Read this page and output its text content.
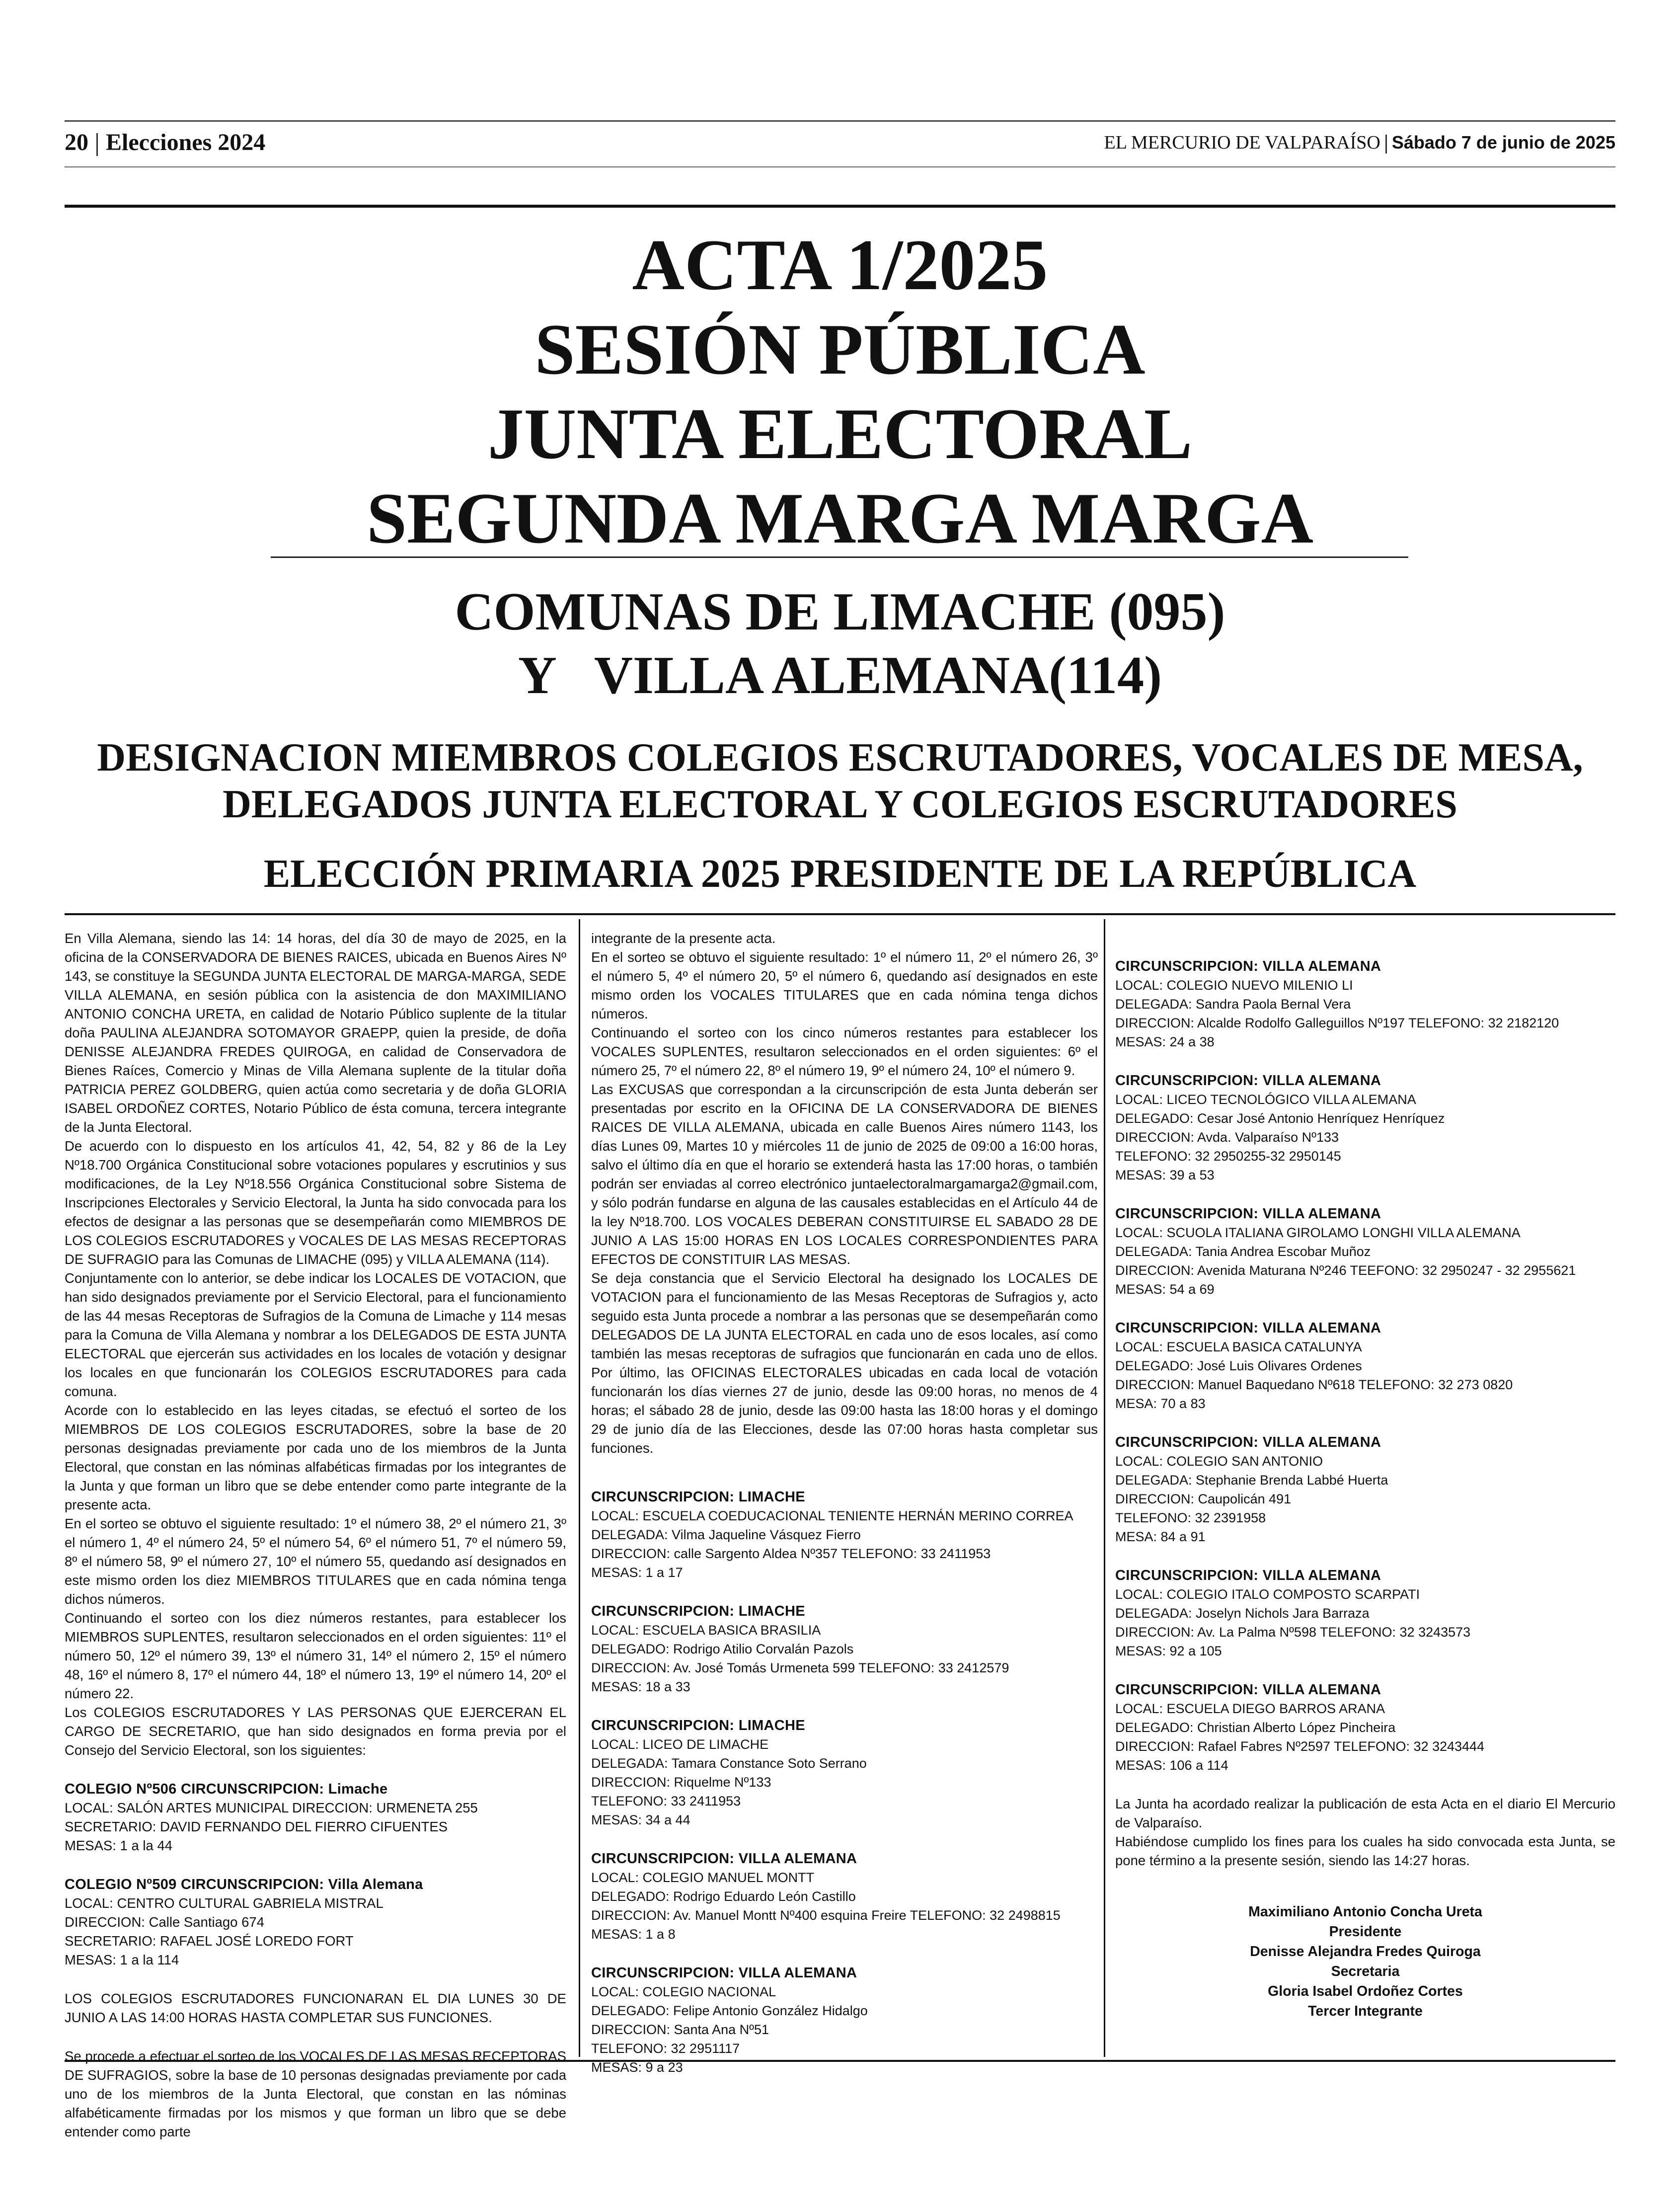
20 Elecciones 2024	EL MERCURIO DE VALPARAÍSO Sábado 7 de junio de 2025
ACTA 1/2025
SESIÓN PÚBLICA
JUNTA ELECTORAL
SEGUNDA MARGA MARGA
COMUNAS DE LIMACHE (095)
Y   VILLA ALEMANA(114)
DESIGNACION MIEMBROS COLEGIOS ESCRUTADORES, VOCALES DE MESA,
DELEGADOS JUNTA ELECTORAL Y COLEGIOS ESCRUTADORES
ELECCIÓN PRIMARIA 2025 PRESIDENTE DE LA REPÚBLICA

En Villa Alemana, siendo las 14: 14 horas, del día 30 de mayo de 2025, en la oficina de la CONSERVADORA DE BIENES RAICES, ubicada en Buenos Aires Nº 143, se constituye la SEGUNDA JUNTA ELECTORAL DE MARGA-MARGA, SEDE VILLA ALEMANA, en sesión pública con la asistencia de don MAXIMILIANO ANTONIO CONCHA URETA, en calidad de Notario Público suplente de la titular doña PAULINA ALEJANDRA SOTOMAYOR GRAEPP, quien la preside, de doña DENISSE ALEJANDRA FREDES QUIROGA, en calidad de Conservadora de Bienes Raíces, Comercio y Minas de Villa Alemana suplente de la titular doña PATRICIA PEREZ GOLDBERG, quien actúa como secretaria y de doña GLORIA ISABEL ORDOÑEZ CORTES, Notario Público de ésta comuna, tercera integrante de la Junta Electoral.

De acuerdo con lo dispuesto en los artículos 41, 42, 54, 82 y 86 de la Ley Nº18.700 Orgánica Constitucional sobre votaciones populares y escrutinios y sus modificaciones, de la Ley Nº18.556 Orgánica Constitucional sobre Sistema de Inscripciones Electorales y Servicio Electoral, la Junta ha sido convocada para los efectos de designar a las personas que se desempeñarán como MIEMBROS DE LOS COLEGIOS ESCRUTADORES y VOCALES DE LAS MESAS RECEPTORAS DE SUFRAGIO para las Comunas de LIMACHE (095) y VILLA ALEMANA (114).

Conjuntamente con lo anterior, se debe indicar los LOCALES DE VOTACION, que han sido designados previamente por el Servicio Electoral, para el funcionamiento de las 44 mesas Receptoras de Sufragios de la Comuna de Limache y 114 mesas para la Comuna de Villa Alemana y nombrar a los DELEGADOS DE ESTA JUNTA ELECTORAL que ejercerán sus actividades en los locales de votación y designar los locales en que funcionarán los COLEGIOS ESCRUTADORES para cada comuna.

Acorde con lo establecido en las leyes citadas, se efectuó el sorteo de los MIEMBROS DE LOS COLEGIOS ESCRUTADORES, sobre la base de 20 personas designadas previamente por cada uno de los miembros de la Junta Electoral, que constan en las nóminas alfabéticas firmadas por los integrantes de la Junta y que forman un libro que se debe entender como parte integrante de la presente acta.

En el sorteo se obtuvo el siguiente resultado: 1º el número 38, 2º el número 21, 3º el número 1, 4º el número 24, 5º el número 54, 6º el número 51, 7º el número 59, 8º el número 58, 9º el número 27, 10º el número 55, quedando así designados en este mismo orden los diez MIEMBROS TITULARES que en cada nómina tenga dichos números.

Continuando el sorteo con los diez números restantes, para establecer los MIEMBROS SUPLENTES, resultaron seleccionados en el orden siguientes: 11º el número 50, 12º el número 39, 13º el número 31, 14º el número 2, 15º el número 48, 16º el número 8, 17º el número 44, 18º el número 13, 19º el número 14, 20º el número 22.

Los COLEGIOS ESCRUTADORES Y LAS PERSONAS QUE EJERCERAN EL CARGO DE SECRETARIO, que han sido designados en forma previa por el Consejo del Servicio Electoral, son los siguientes:

COLEGIO Nº506 CIRCUNSCRIPCION: Limache
LOCAL: SALÓN ARTES MUNICIPAL DIRECCION: URMENETA 255
SECRETARIO: DAVID FERNANDO DEL FIERRO CIFUENTES
MESAS: 1 a la 44
COLEGIO Nº509 CIRCUNSCRIPCION: Villa Alemana
LOCAL: CENTRO CULTURAL GABRIELA MISTRAL
DIRECCION: Calle Santiago 674
SECRETARIO: RAFAEL JOSÉ LOREDO FORT
MESAS: 1 a la 114

LOS COLEGIOS ESCRUTADORES FUNCIONARAN EL DIA LUNES 30 DE JUNIO A LAS 14:00 HORAS HASTA COMPLETAR SUS FUNCIONES.

Se procede a efectuar el sorteo de los VOCALES DE LAS MESAS RECEPTORAS DE SUFRAGIOS, sobre la base de 10 personas designadas previamente por cada uno de los miembros de la Junta Electoral, que constan en las nóminas alfabéticamente firmadas por los mismos y que forman un libro que se debe entender como parte

integrante de la presente acta.

En el sorteo se obtuvo el siguiente resultado: 1º el número 11, 2º el número 26, 3º el número 5, 4º el número 20, 5º el número 6, quedando así designados en este mismo orden los VOCALES TITULARES que en cada nómina tenga dichos números.

Continuando el sorteo con los cinco números restantes para establecer los VOCALES SUPLENTES, resultaron seleccionados en el orden siguientes: 6º el número 25, 7º el número 22, 8º el número 19, 9º el número 24, 10º el número 9.

Las EXCUSAS que correspondan a la circunscripción de esta Junta deberán ser presentadas por escrito en la OFICINA DE LA CONSERVADORA DE BIENES RAICES DE VILLA ALEMANA, ubicada en calle Buenos Aires número 1143, los días Lunes 09, Martes 10 y miércoles 11 de junio de 2025 de 09:00 a 16:00 horas, salvo el último día en que el horario se extenderá hasta las 17:00 horas, o también podrán ser enviadas al correo electrónico juntaelectoralmargamarga2@gmail.com, y sólo podrán fundarse en alguna de las causales establecidas en el Artículo 44 de la ley Nº18.700. LOS VOCALES DEBERAN CONSTITUIRSE EL SABADO 28 DE JUNIO A LAS 15:00 HORAS EN LOS LOCALES CORRESPONDIENTES PARA EFECTOS DE CONSTITUIR LAS MESAS.

Se deja constancia que el Servicio Electoral ha designado los LOCALES DE VOTACION para el funcionamiento de las Mesas Receptoras de Sufragios y, acto seguido esta Junta procede a nombrar a las personas que se desempeñarán como DELEGADOS DE LA JUNTA ELECTORAL en cada uno de esos locales, así como también las mesas receptoras de sufragios que funcionarán en cada uno de ellos. Por último, las OFICINAS ELECTORALES ubicadas en cada local de votación funcionarán los días viernes 27 de junio, desde las 09:00 horas, no menos de 4 horas; el sábado 28 de junio, desde las 09:00 hasta las 18:00 horas y el domingo 29 de junio día de las Elecciones, desde las 07:00 horas hasta completar sus funciones.

CIRCUNSCRIPCION: LIMACHE
LOCAL: ESCUELA COEDUCACIONAL TENIENTE HERNÁN MERINO CORREA
DELEGADA: Vilma Jaqueline Vásquez Fierro
DIRECCION: calle Sargento Aldea Nº357 TELEFONO: 33 2411953
MESAS: 1 a 17
CIRCUNSCRIPCION: LIMACHE
LOCAL: ESCUELA BASICA BRASILIA
DELEGADO: Rodrigo Atilio Corvalán Pazols
DIRECCION: Av. José Tomás Urmeneta 599 TELEFONO: 33 2412579
MESAS: 18 a 33
CIRCUNSCRIPCION: LIMACHE
LOCAL: LICEO DE LIMACHE
DELEGADA: Tamara Constance Soto Serrano
DIRECCION: Riquelme Nº133
TELEFONO: 33 2411953
MESAS: 34 a 44
CIRCUNSCRIPCION: VILLA ALEMANA
LOCAL: COLEGIO MANUEL MONTT
DELEGADO: Rodrigo Eduardo León Castillo
DIRECCION: Av. Manuel Montt Nº400 esquina Freire TELEFONO: 32 2498815
MESAS: 1 a 8
CIRCUNSCRIPCION: VILLA ALEMANA
LOCAL: COLEGIO NACIONAL
DELEGADO: Felipe Antonio González Hidalgo
DIRECCION: Santa Ana Nº51
TELEFONO: 32 2951117
MESAS: 9 a 23
CIRCUNSCRIPCION: VILLA ALEMANA
LOCAL: COLEGIO NUEVO MILENIO LI
DELEGADA: Sandra Paola Bernal Vera
DIRECCION: Alcalde Rodolfo Galleguillos Nº197 TELEFONO: 32 2182120
MESAS: 24 a 38
CIRCUNSCRIPCION: VILLA ALEMANA
LOCAL: LICEO TECNOLÓGICO VILLA ALEMANA
DELEGADO: Cesar José Antonio Henríquez Henríquez
DIRECCION: Avda. Valparaíso Nº133
TELEFONO: 32 2950255-32 2950145
MESAS: 39 a 53
CIRCUNSCRIPCION: VILLA ALEMANA
LOCAL: SCUOLA ITALIANA GIROLAMO LONGHI VILLA ALEMANA
DELEGADA: Tania Andrea Escobar Muñoz
DIRECCION: Avenida Maturana Nº246 TEEFONO: 32 2950247 - 32 2955621
MESAS: 54 a 69
CIRCUNSCRIPCION: VILLA ALEMANA
LOCAL: ESCUELA BASICA CATALUNYA
DELEGADO: José Luis Olivares Ordenes
DIRECCION: Manuel Baquedano Nº618 TELEFONO: 32 273 0820
MESA: 70 a 83
CIRCUNSCRIPCION: VILLA ALEMANA
LOCAL: COLEGIO SAN ANTONIO
DELEGADA: Stephanie Brenda Labbé Huerta
DIRECCION: Caupolicán 491
TELEFONO: 32 2391958
MESA: 84 a 91
CIRCUNSCRIPCION: VILLA ALEMANA
LOCAL: COLEGIO ITALO COMPOSTO SCARPATI
DELEGADA: Joselyn Nichols Jara Barraza
DIRECCION: Av. La Palma Nº598 TELEFONO: 32 3243573
MESAS: 92 a 105
CIRCUNSCRIPCION: VILLA ALEMANA
LOCAL: ESCUELA DIEGO BARROS ARANA
DELEGADO: Christian Alberto López Pincheira
DIRECCION: Rafael Fabres Nº2597 TELEFONO: 32 3243444
MESAS: 106 a 114

La Junta ha acordado realizar la publicación de esta Acta en el diario El Mercurio de Valparaíso.

Habiéndose cumplido los fines para los cuales ha sido convocada esta Junta, se pone término a la presente sesión, siendo las 14:27 horas.

Maximiliano Antonio Concha Ureta
Presidente
Denisse Alejandra Fredes Quiroga
Secretaria
Gloria Isabel Ordoñez Cortes
Tercer Integrante
